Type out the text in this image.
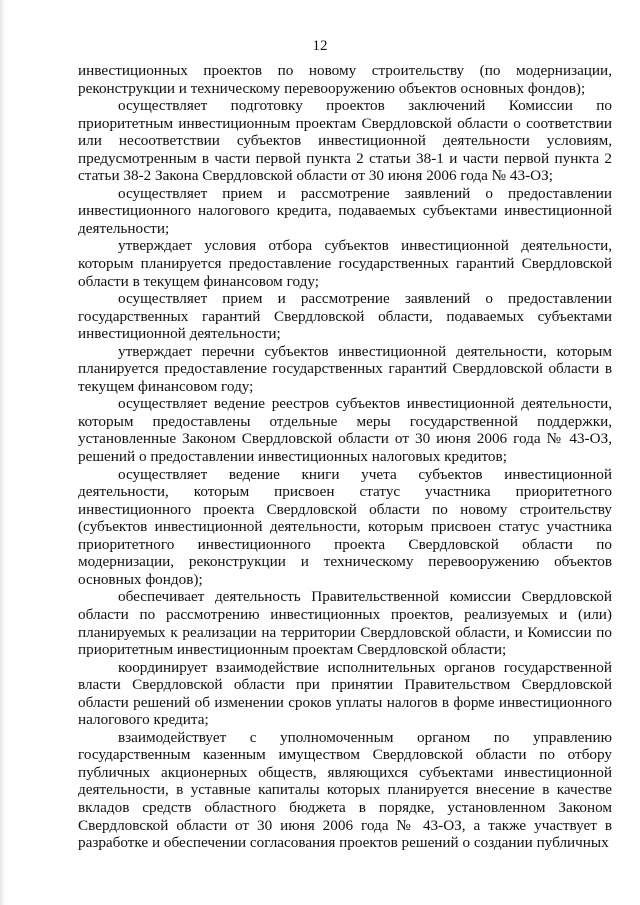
12

инвестиционных проектов по новому строительству (по модернизации, реконструкции и техническому перевооружению объектов основных фондов);

осуществляет подготовку проектов заключений Комиссии по приоритетным инвестиционным проектам Свердловской области о соответствии или несоответствии субъектов инвестиционной деятельности условиям, предусмотренным в части первой пункта 2 статьи 38-1 и части первой пункта 2 статьи 38-2 Закона Свердловской области от 30 июня 2006 года № 43-ОЗ;

осуществляет прием и рассмотрение заявлений о предоставлении инвестиционного налогового кредита, подаваемых субъектами инвестиционной деятельности;

утверждает условия отбора субъектов инвестиционной деятельности, которым планируется предоставление государственных гарантий Свердловской области в текущем финансовом году;

осуществляет прием и рассмотрение заявлений о предоставлении государственных гарантий Свердловской области, подаваемых субъектами инвестиционной деятельности;

утверждает перечни субъектов инвестиционной деятельности, которым планируется предоставление государственных гарантий Свердловской области в текущем финансовом году;

осуществляет ведение реестров субъектов инвестиционной деятельности, которым предоставлены отдельные меры государственной поддержки, установленные Законом Свердловской области от 30 июня 2006 года № 43-ОЗ, решений о предоставлении инвестиционных налоговых кредитов;

осуществляет ведение книги учета субъектов инвестиционной деятельности, которым присвоен статус участника приоритетного инвестиционного проекта Свердловской области по новому строительству (субъектов инвестиционной деятельности, которым присвоен статус участника приоритетного инвестиционного проекта Свердловской области по модернизации, реконструкции и техническому перевооружению объектов основных фондов);

обеспечивает деятельность Правительственной комиссии Свердловской области по рассмотрению инвестиционных проектов, реализуемых и (или) планируемых к реализации на территории Свердловской области, и Комиссии по приоритетным инвестиционным проектам Свердловской области;

координирует взаимодействие исполнительных органов государственной власти Свердловской области при принятии Правительством Свердловской области решений об изменении сроков уплаты налогов в форме инвестиционного налогового кредита;

взаимодействует с уполномоченным органом по управлению государственным казенным имуществом Свердловской области по отбору публичных акционерных обществ, являющихся субъектами инвестиционной деятельности, в уставные капиталы которых планируется внесение в качестве вкладов средств областного бюджета в порядке, установленном Законом Свердловской области от 30 июня 2006 года № 43-ОЗ, а также участвует в разработке и обеспечении согласования проектов решений о создании публичных
